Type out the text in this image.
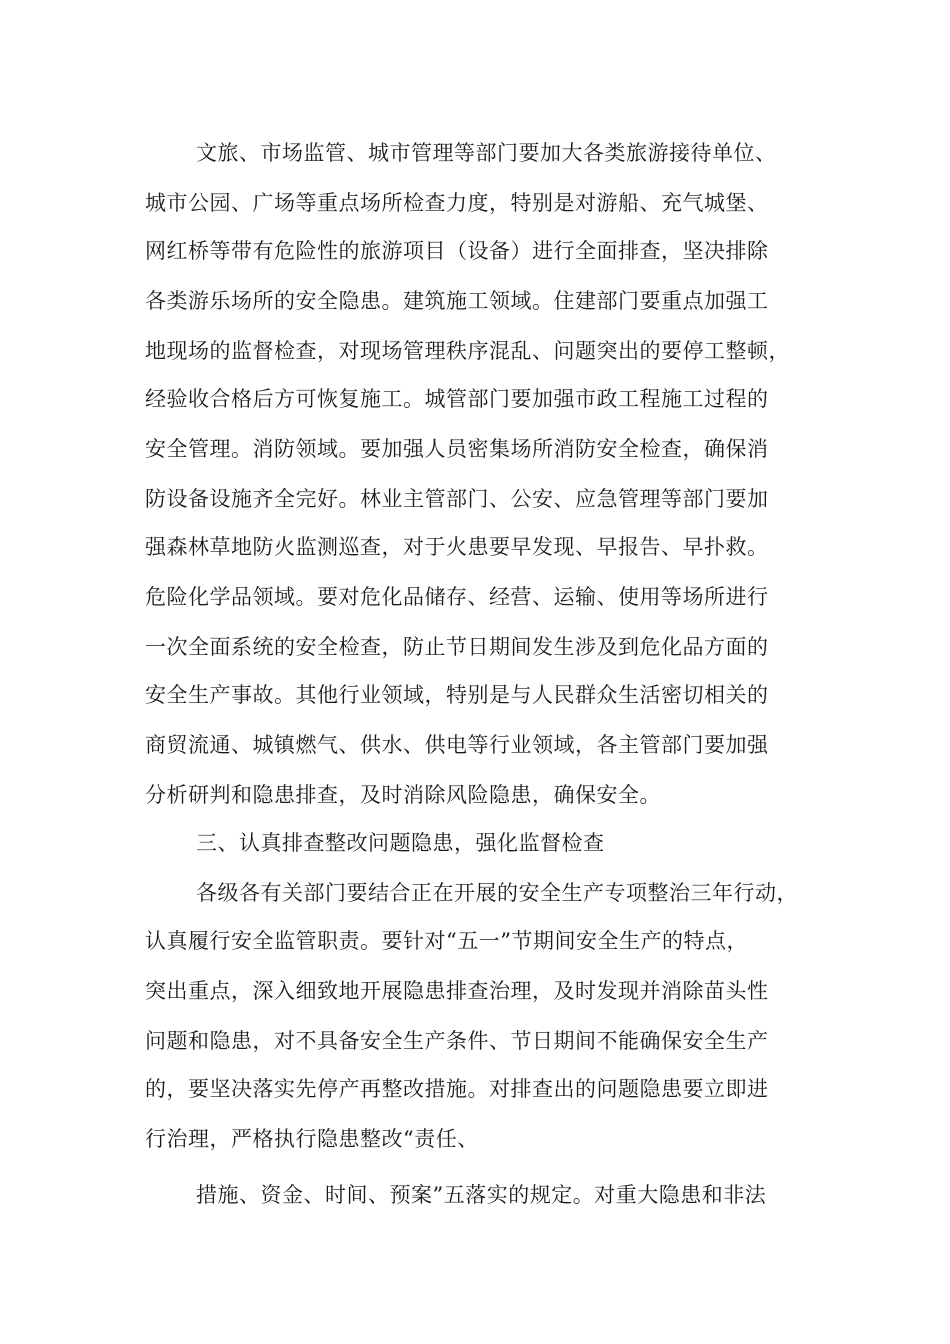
文旅、市场监管、城市管理等部门要加大各类旅游接待单位、
城市公园、广场等重点场所检查力度，特别是对游船、充气城堡、
网红桥等带有危险性的旅游项目（设备）进行全面排查，坚决排除
各类游乐场所的安全隐患。建筑施工领域。住建部门要重点加强工
地现场的监督检查，对现场管理秩序混乱、问题突出的要停工整顿，
经验收合格后方可恢复施工。城管部门要加强市政工程施工过程的
安全管理。消防领域。要加强人员密集场所消防安全检查，确保消
防设备设施齐全完好。林业主管部门、公安、应急管理等部门要加
强森林草地防火监测巡查，对于火患要早发现、早报告、早扑救。
危险化学品领域。要对危化品储存、经营、运输、使用等场所进行
一次全面系统的安全检查，防止节日期间发生涉及到危化品方面的
安全生产事故。其他行业领域，特别是与人民群众生活密切相关的
商贸流通、城镇燃气、供水、供电等行业领域，各主管部门要加强
分析研判和隐患排查，及时消除风险隐患，确保安全。
三、认真排查整改问题隐患，强化监督检查
各级各有关部门要结合正在开展的安全生产专项整治三年行动，
认真履行安全监管职责。要针对“五一”节期间安全生产的特点，
突出重点，深入细致地开展隐患排查治理，及时发现并消除苗头性
问题和隐患，对不具备安全生产条件、节日期间不能确保安全生产
的，要坚决落实先停产再整改措施。对排查出的问题隐患要立即进
行治理，严格执行隐患整改“责任、
措施、资金、时间、预案”五落实的规定。对重大隐患和非法
